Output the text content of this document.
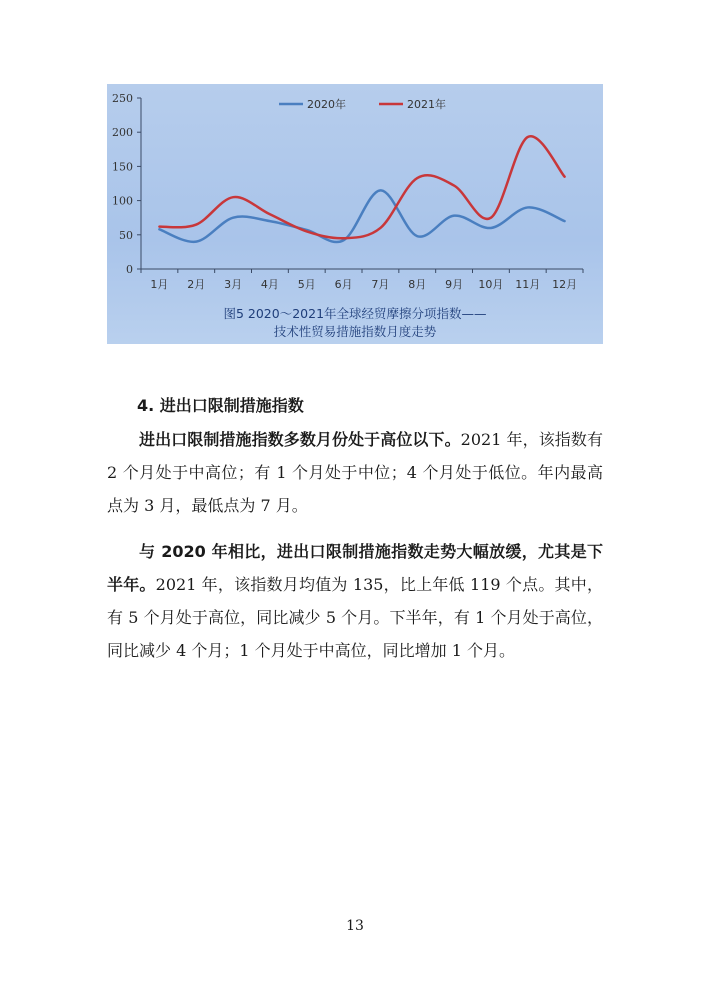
0
50
100
150
200
250
1月 2月 3月 4月 5月 6月 7月 8月 9月 10月 11月 12月
2020年	2021年
图5 2020～2021年全球经贸摩擦分项指数——
技术性贸易措施指数月度走势
4. 进出口限制措施指数
进出口限制措施指数多数月份处于高位以下。2021 年，该指数有 2 个月处于中高位；有 1 个月处于中位；4 个月处于低位。年内最高点为 3 月，最低点为 7 月。
与 2020 年相比，进出口限制措施指数走势大幅放缓，尤其是下半年。2021 年，该指数月均值为 135，比上年低 119 个点。其中，有 5 个月处于高位，同比减少 5 个月。下半年，有 1 个月处于高位，同比减少 4 个月；1 个月处于中高位，同比增加 1 个月。
13
